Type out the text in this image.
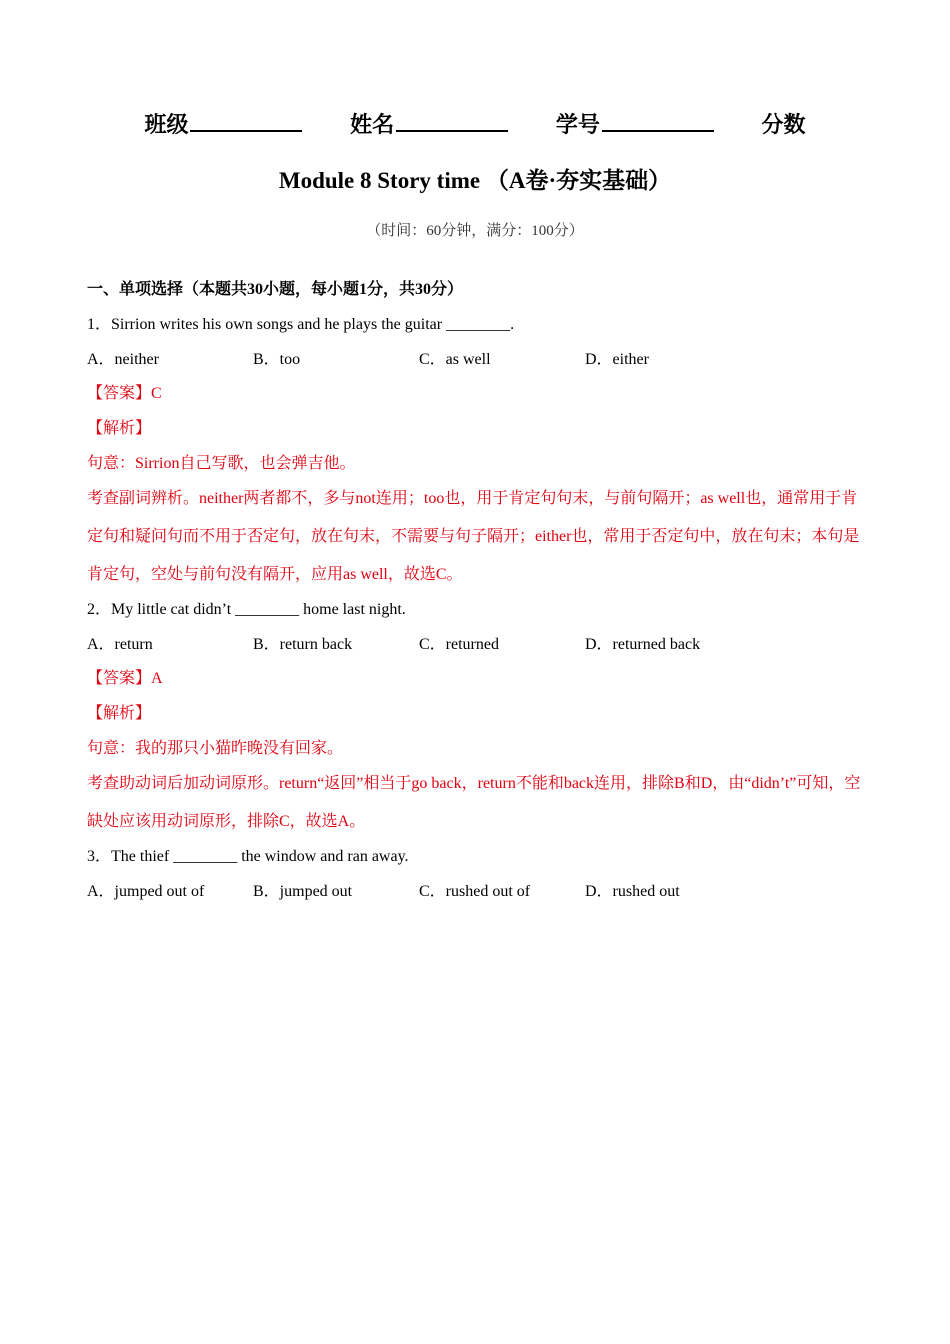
班级	姓名	学号	分数
Module 8 Story time （A卷·夯实基础）
（时间：60分钟，满分：100分）
一、单项选择（本题共30小题，每小题1分，共30分）
1．Sirrion writes his own songs and he plays the guitar ________.
A．neither	B．too	C．as well	D．either
【答案】C
【解析】
句意：Sirrion自己写歌，也会弹吉他。
考查副词辨析。neither两者都不，多与not连用；too也，用于肯定句句末，与前句隔开；as well也，通常用于肯定句和疑问句而不用于否定句，放在句末，不需要与句子隔开；either也，常用于否定句中，放在句末；本句是肯定句，空处与前句没有隔开，应用as well，故选C。
2．My little cat didn’t ________ home last night.
A．return	B．return back	C．returned	D．returned back
【答案】A
【解析】
句意：我的那只小猫昨晚没有回家。
考查助动词后加动词原形。return“返回”相当于go back，return不能和back连用，排除B和D，由“didn’t”可知，空缺处应该用动词原形，排除C，故选A。
3．The thief ________ the window and ran away.
A．jumped out of	B．jumped out	C．rushed out of	D．rushed out
